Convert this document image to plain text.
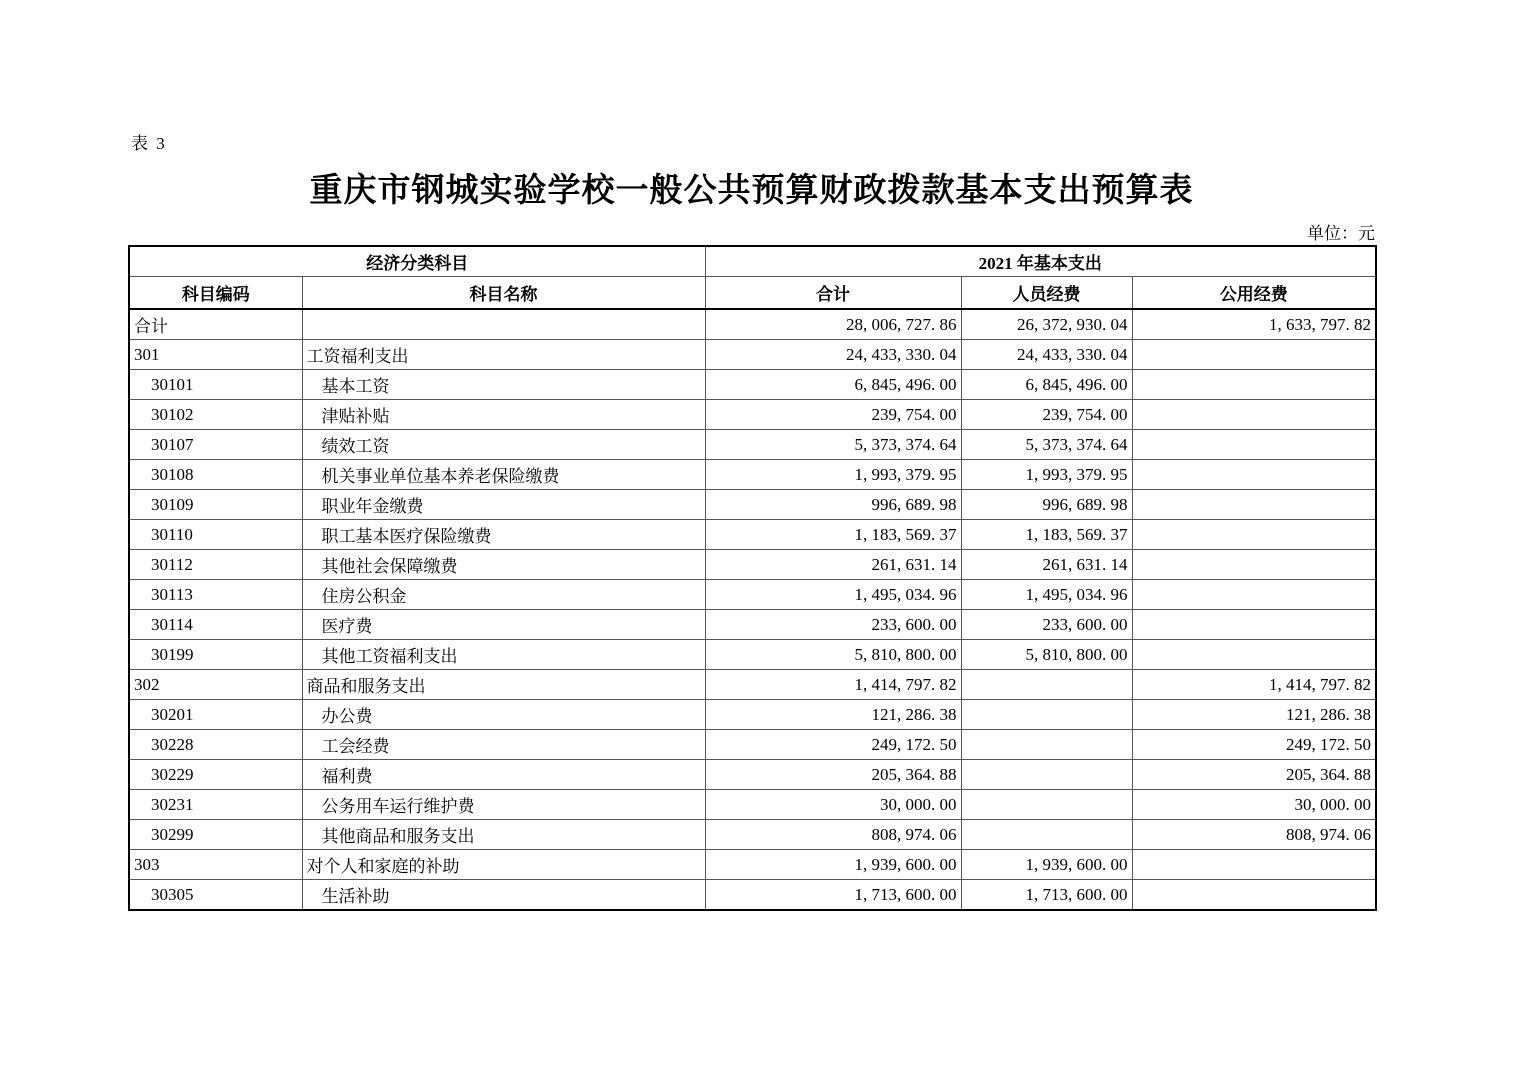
表 3
重庆市钢城实验学校一般公共预算财政拨款基本支出预算表
单位：元
经济分类科目		2021 年基本支出		
科目编码	科目名称	合计	人员经费	公用经费
合计		28, 006, 727. 86	26, 372, 930. 04	1, 633, 797. 82
301	工资福利支出	24, 433, 330. 04	24, 433, 330. 04	
30101	基本工资	6, 845, 496. 00	6, 845, 496. 00	
30102	津贴补贴	239, 754. 00	239, 754. 00	
30107	绩效工资	5, 373, 374. 64	5, 373, 374. 64	
30108	机关事业单位基本养老保险缴费	1, 993, 379. 95	1, 993, 379. 95	
30109	职业年金缴费	996, 689. 98	996, 689. 98	
30110	职工基本医疗保险缴费	1, 183, 569. 37	1, 183, 569. 37	
30112	其他社会保障缴费	261, 631. 14	261, 631. 14	
30113	住房公积金	1, 495, 034. 96	1, 495, 034. 96	
30114	医疗费	233, 600. 00	233, 600. 00	
30199	其他工资福利支出	5, 810, 800. 00	5, 810, 800. 00	
302	商品和服务支出	1, 414, 797. 82		1, 414, 797. 82
30201	办公费	121, 286. 38		121, 286. 38
30228	工会经费	249, 172. 50		249, 172. 50
30229	福利费	205, 364. 88		205, 364. 88
30231	公务用车运行维护费	30, 000. 00		30, 000. 00
30299	其他商品和服务支出	808, 974. 06		808, 974. 06
303	对个人和家庭的补助	1, 939, 600. 00	1, 939, 600. 00	
30305	生活补助	1, 713, 600. 00	1, 713, 600. 00	
